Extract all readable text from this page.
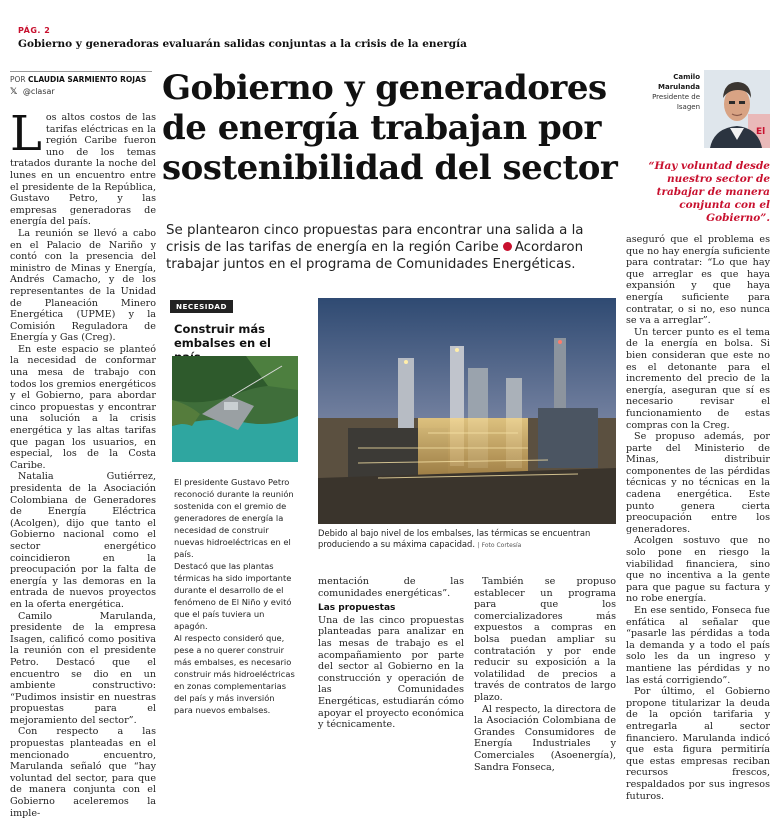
PÁG. 2
Gobierno y generadoras evaluarán salidas conjuntas a la crisis de la energía
POR CLAUDIA SARMIENTO ROJAS
𝕏 @clasar	Gobierno y generadores de energía trabajan por sostenibilidad del sector
Camilo Marulanda
Presidente de Isagen
El
“Hay voluntad desde nuestro sector de trabajar de manera conjunta con el Gobierno”.

Los altos costos de las tarifas eléctricas en la región Caribe fueron uno de los temas tratados durante la noche del lunes en un encuentro entre el presidente de la República, Gustavo Petro, y las empresas generadoras de energía del país.

La reunión se llevó a cabo en el Palacio de Nariño y contó con la presencia del ministro de Minas y Energía, Andrés Camacho, y de los representantes de la Unidad de Planeación Minero Energética (UPME) y la Comisión Reguladora de Energía y Gas (Creg).

En este espacio se planteó la necesidad de conformar una mesa de trabajo con todos los gremios energéticos y el Gobierno, para abordar cinco propuestas y encontrar una solución a la crisis energética y las altas tarifas que pagan los usuarios, en especial, los de la Costa Caribe.

Natalia Gutiérrez, presidenta de la Asociación Colombiana de Generadores de Energía Eléctrica (Acolgen), dijo que tanto el Gobierno nacional como el sector energético coincidieron en la preocupación por la falta de energía y las demoras en la entrada de nuevos proyectos en la oferta energética.

Camilo Marulanda, presidente de la empresa Isagen, calificó como positiva la reunión con el presidente Petro. Destacó que el encuentro se dio en un ambiente constructivo: “Pudimos insistir en nuestras propuestas para el mejoramiento del sector”.

Con respecto a las propuestas planteadas en el mencionado encuentro, Marulanda señaló que “hay voluntad del sector, para que de manera conjunta con el Gobierno aceleremos la imple-

Se plantearon cinco propuestas para encontrar una salida a la crisis de las tarifas de energía en la región Caribe Acordaron trabajar juntos en el programa de Comunidades Energéticas.
NECESIDAD
Construir más embalses en el

El presidente Gustavo Petro reconoció durante la reunión sostenida con el gremio de generadores de energía la necesidad de construir nuevas hidroeléctricas en el país.

Destacó que las plantas térmicas ha sido importante durante el desarrollo de el fenómeno de El Niño y evitó que el país tuviera un apagón.

Al respecto consideró que, pese a no querer construir más embalses, es necesario construir más hidroeléctricas en zonas complementarias del país y más inversión para nuevos embalses.

Debido al bajo nivel de los embalses, las térmicas se encuentran produciendo a su máxima capacidad. | Foto Cortesía

mentación de las comunidades energéticas”.

Las propuestas

Una de las cinco propuestas planteadas para analizar en las mesas de trabajo es el acompañamiento por parte del sector al Gobierno en la construcción y operación de las Comunidades Energéticas, estudiarán cómo apoyar el proyecto económica y técnicamente.

También se propuso establecer un programa para que los comercializadores más expuestos a compras en bolsa puedan ampliar su contratación y por ende reducir su exposición a la volatilidad de precios a través de contratos de largo plazo.

Al respecto, la directora de la Asociación Colombiana de Grandes Consumidores de Energía Industriales y Comerciales (Asoenergía), Sandra Fonseca,

aseguró que el problema es que no hay energía suficiente para contratar: “Lo que hay que arreglar es que haya expansión y que haya energía suficiente para contratar, o si no, eso nunca se va a arreglar”.

Un tercer punto es el tema de la energía en bolsa. Si bien consideran que este no es el detonante para el incremento del precio de la energía, aseguran que sí es necesario revisar el funcionamiento de estas compras con la Creg.

Se propuso además, por parte del Ministerio de Minas, distribuir componentes de las pérdidas técnicas y no técnicas en la cadena energética. Este punto genera cierta preocupación entre los generadores.

Acolgen sostuvo que no solo pone en riesgo la viabilidad financiera, sino que no incentiva a la gente para que pague su factura y no robe energía.

En ese sentido, Fonseca fue enfática al señalar que “pasarle las pérdidas a toda la demanda y a todo el país solo les da un ingreso y mantiene las pérdidas y no las está corrigiendo”.

Por último, el Gobierno propone titularizar la deuda de la opción tarifaria y entregarla al sector financiero. Marulanda indicó que esta figura permitiría que estas empresas reciban recursos frescos, respaldados por sus ingresos futuros.
